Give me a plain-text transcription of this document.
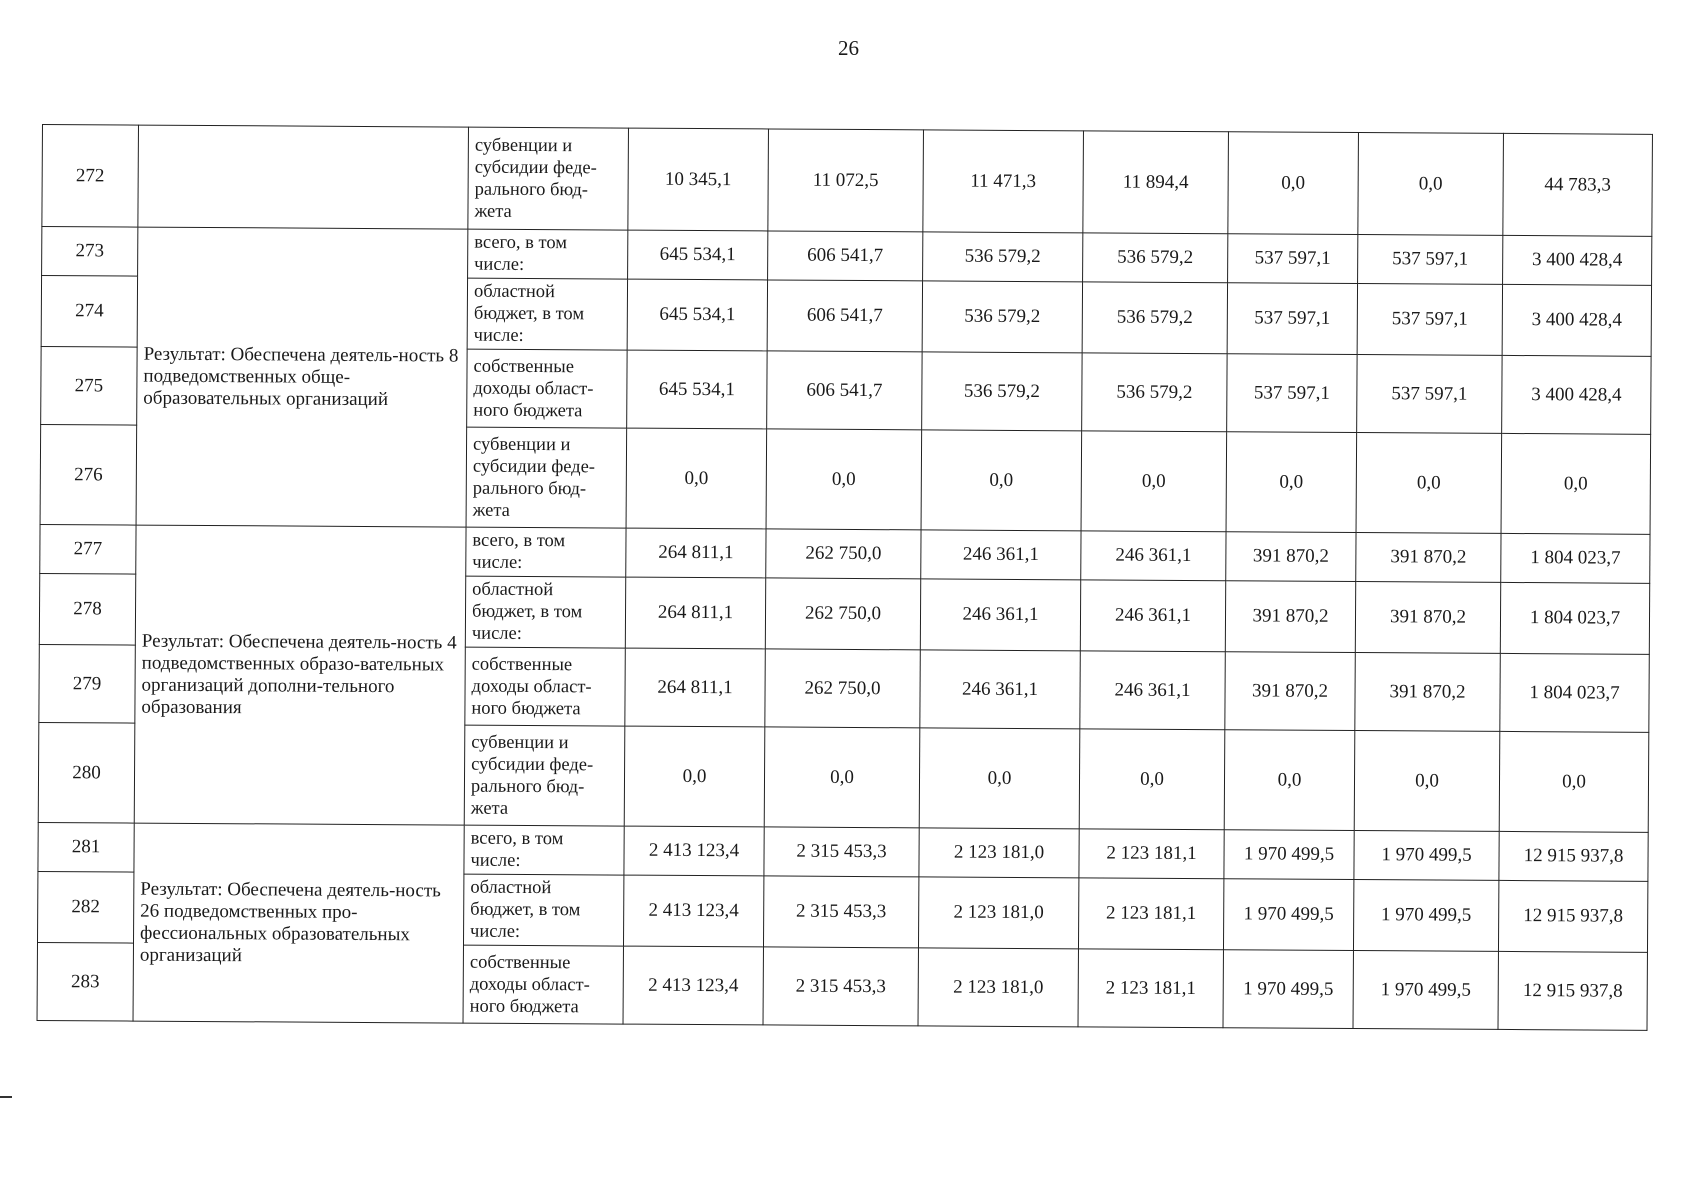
26
272		субвенции и субсидии феде-ральнoго бюд-жета	10 345,1	11 072,5	11 471,3	11 894,4	0,0	0,0	44 783,3
273	Результат: Обеспечена деятель-ность 8 подведомственных обще-образовательных организаций	всего, в том числе:	645 534,1	606 541,7	536 579,2	536 579,2	537 597,1	537 597,1	3 400 428,4
274		областной бюджет, в том числе:	645 534,1	606 541,7	536 579,2	536 579,2	537 597,1	537 597,1	3 400 428,4
275		собственные доходы област-ного бюджета	645 534,1	606 541,7	536 579,2	536 579,2	537 597,1	537 597,1	3 400 428,4
276		субвенции и субсидии феде-рального бюд-жета	0,0	0,0	0,0	0,0	0,0	0,0	0,0
277	Результат: Обеспечена деятель-ность 4 подведомственных образо-вательных организаций дополни-тельного образования	всего, в том числе:	264 811,1	262 750,0	246 361,1	246 361,1	391 870,2	391 870,2	1 804 023,7
278		областной бюджет, в том числе:	264 811,1	262 750,0	246 361,1	246 361,1	391 870,2	391 870,2	1 804 023,7
279		собственные доходы област-ного бюджета	264 811,1	262 750,0	246 361,1	246 361,1	391 870,2	391 870,2	1 804 023,7
280		субвенции и субсидии феде-рального бюд-жета	0,0	0,0	0,0	0,0	0,0	0,0	0,0
281	Результат: Обеспечена деятель-ность 26 подведомственных про-фессиональных образовательных организаций	всего, в том числе:	2 413 123,4	2 315 453,3	2 123 181,0	2 123 181,1	1 970 499,5	1 970 499,5	12 915 937,8
282		областной бюджет, в том числе:	2 413 123,4	2 315 453,3	2 123 181,0	2 123 181,1	1 970 499,5	1 970 499,5	12 915 937,8
283		собственные доходы област-ного бюджета	2 413 123,4	2 315 453,3	2 123 181,0	2 123 181,1	1 970 499,5	1 970 499,5	12 915 937,8
